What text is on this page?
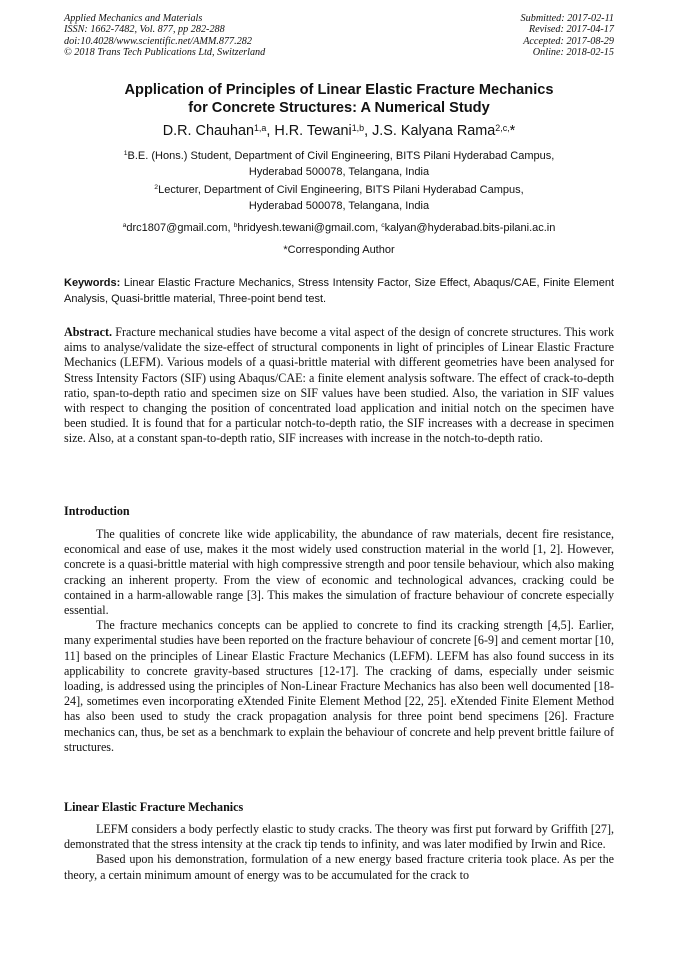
Applied Mechanics and Materials
ISSN: 1662-7482, Vol. 877, pp 282-288
doi:10.4028/www.scientific.net/AMM.877.282
© 2018 Trans Tech Publications Ltd, Switzerland
Submitted: 2017-02-11
Revised: 2017-04-17
Accepted: 2017-08-29
Online: 2018-02-15
Application of Principles of Linear Elastic Fracture Mechanics
for Concrete Structures: A Numerical Study
D.R. Chauhan$^{1,a}$, H.R. Tewani$^{1,b}$, J.S. Kalyana Rama$^{2,c,}$*
$^1$B.E. (Hons.) Student, Department of Civil Engineering, BITS Pilani Hyderabad Campus,
Hyderabad 500078, Telangana, India
$^2$Lecturer, Department of Civil Engineering, BITS Pilani Hyderabad Campus,
Hyderabad 500078, Telangana, India
$^a$drc1807@gmail.com, $^b$hridyesh.tewani@gmail.com, $^c$kalyan@hyderabad.bits-pilani.ac.in
*Corresponding Author
Keywords: Linear Elastic Fracture Mechanics, Stress Intensity Factor, Size Effect, Abaqus/CAE, Finite Element Analysis, Quasi-brittle material, Three-point bend test.

Abstract. Fracture mechanical studies have become a vital aspect of the design of concrete structures. This work aims to analyse/validate the size-effect of structural components in light of principles of Linear Elastic Fracture Mechanics (LEFM). Various models of a quasi-brittle material with different geometries have been analysed for Stress Intensity Factors (SIF) using Abaqus/CAE: a finite element analysis software. The effect of crack-to-depth ratio, span-to-depth ratio and specimen size on SIF values have been studied. Also, the variation in SIF values with respect to changing the position of concentrated load application and initial notch on the specimen have been studied. It is found that for a particular notch-to-depth ratio, the SIF increases with a decrease in specimen size. Also, at a constant span-to-depth ratio, SIF increases with increase in the notch-to-depth ratio.

Introduction

The qualities of concrete like wide applicability, the abundance of raw materials, decent fire resistance, economical and ease of use, makes it the most widely used construction material in the world [1, 2]. However, concrete is a quasi-brittle material with high compressive strength and poor tensile behaviour, which also making cracking an inherent property. From the view of economic and technological advances, cracking could be contained in a harm-allowable range [3]. This makes the simulation of fracture behaviour of concrete especially essential.

The fracture mechanics concepts can be applied to concrete to find its cracking strength [4,5]. Earlier, many experimental studies have been reported on the fracture behaviour of concrete [6-9] and cement mortar [10, 11] based on the principles of Linear Elastic Fracture Mechanics (LEFM). LEFM has also found success in its applicability to concrete gravity-based structures [12-17]. The cracking of dams, especially under seismic loading, is addressed using the principles of Non-Linear Fracture Mechanics has also been well documented [18-24], sometimes even incorporating eXtended Finite Element Method [22, 25]. eXtended Finite Element Method has also been used to study the crack propagation analysis for three point bend specimens [26]. Fracture mechanics can, thus, be set as a benchmark to explain the behaviour of concrete and help prevent brittle failure of structures.

Linear Elastic Fracture Mechanics

LEFM considers a body perfectly elastic to study cracks. The theory was first put forward by Griffith [27], demonstrated that the stress intensity at the crack tip tends to infinity, and was later modified by Irwin and Rice.

Based upon his demonstration, formulation of a new energy based fracture criteria took place. As per the theory, a certain minimum amount of energy was to be accumulated for the crack to
